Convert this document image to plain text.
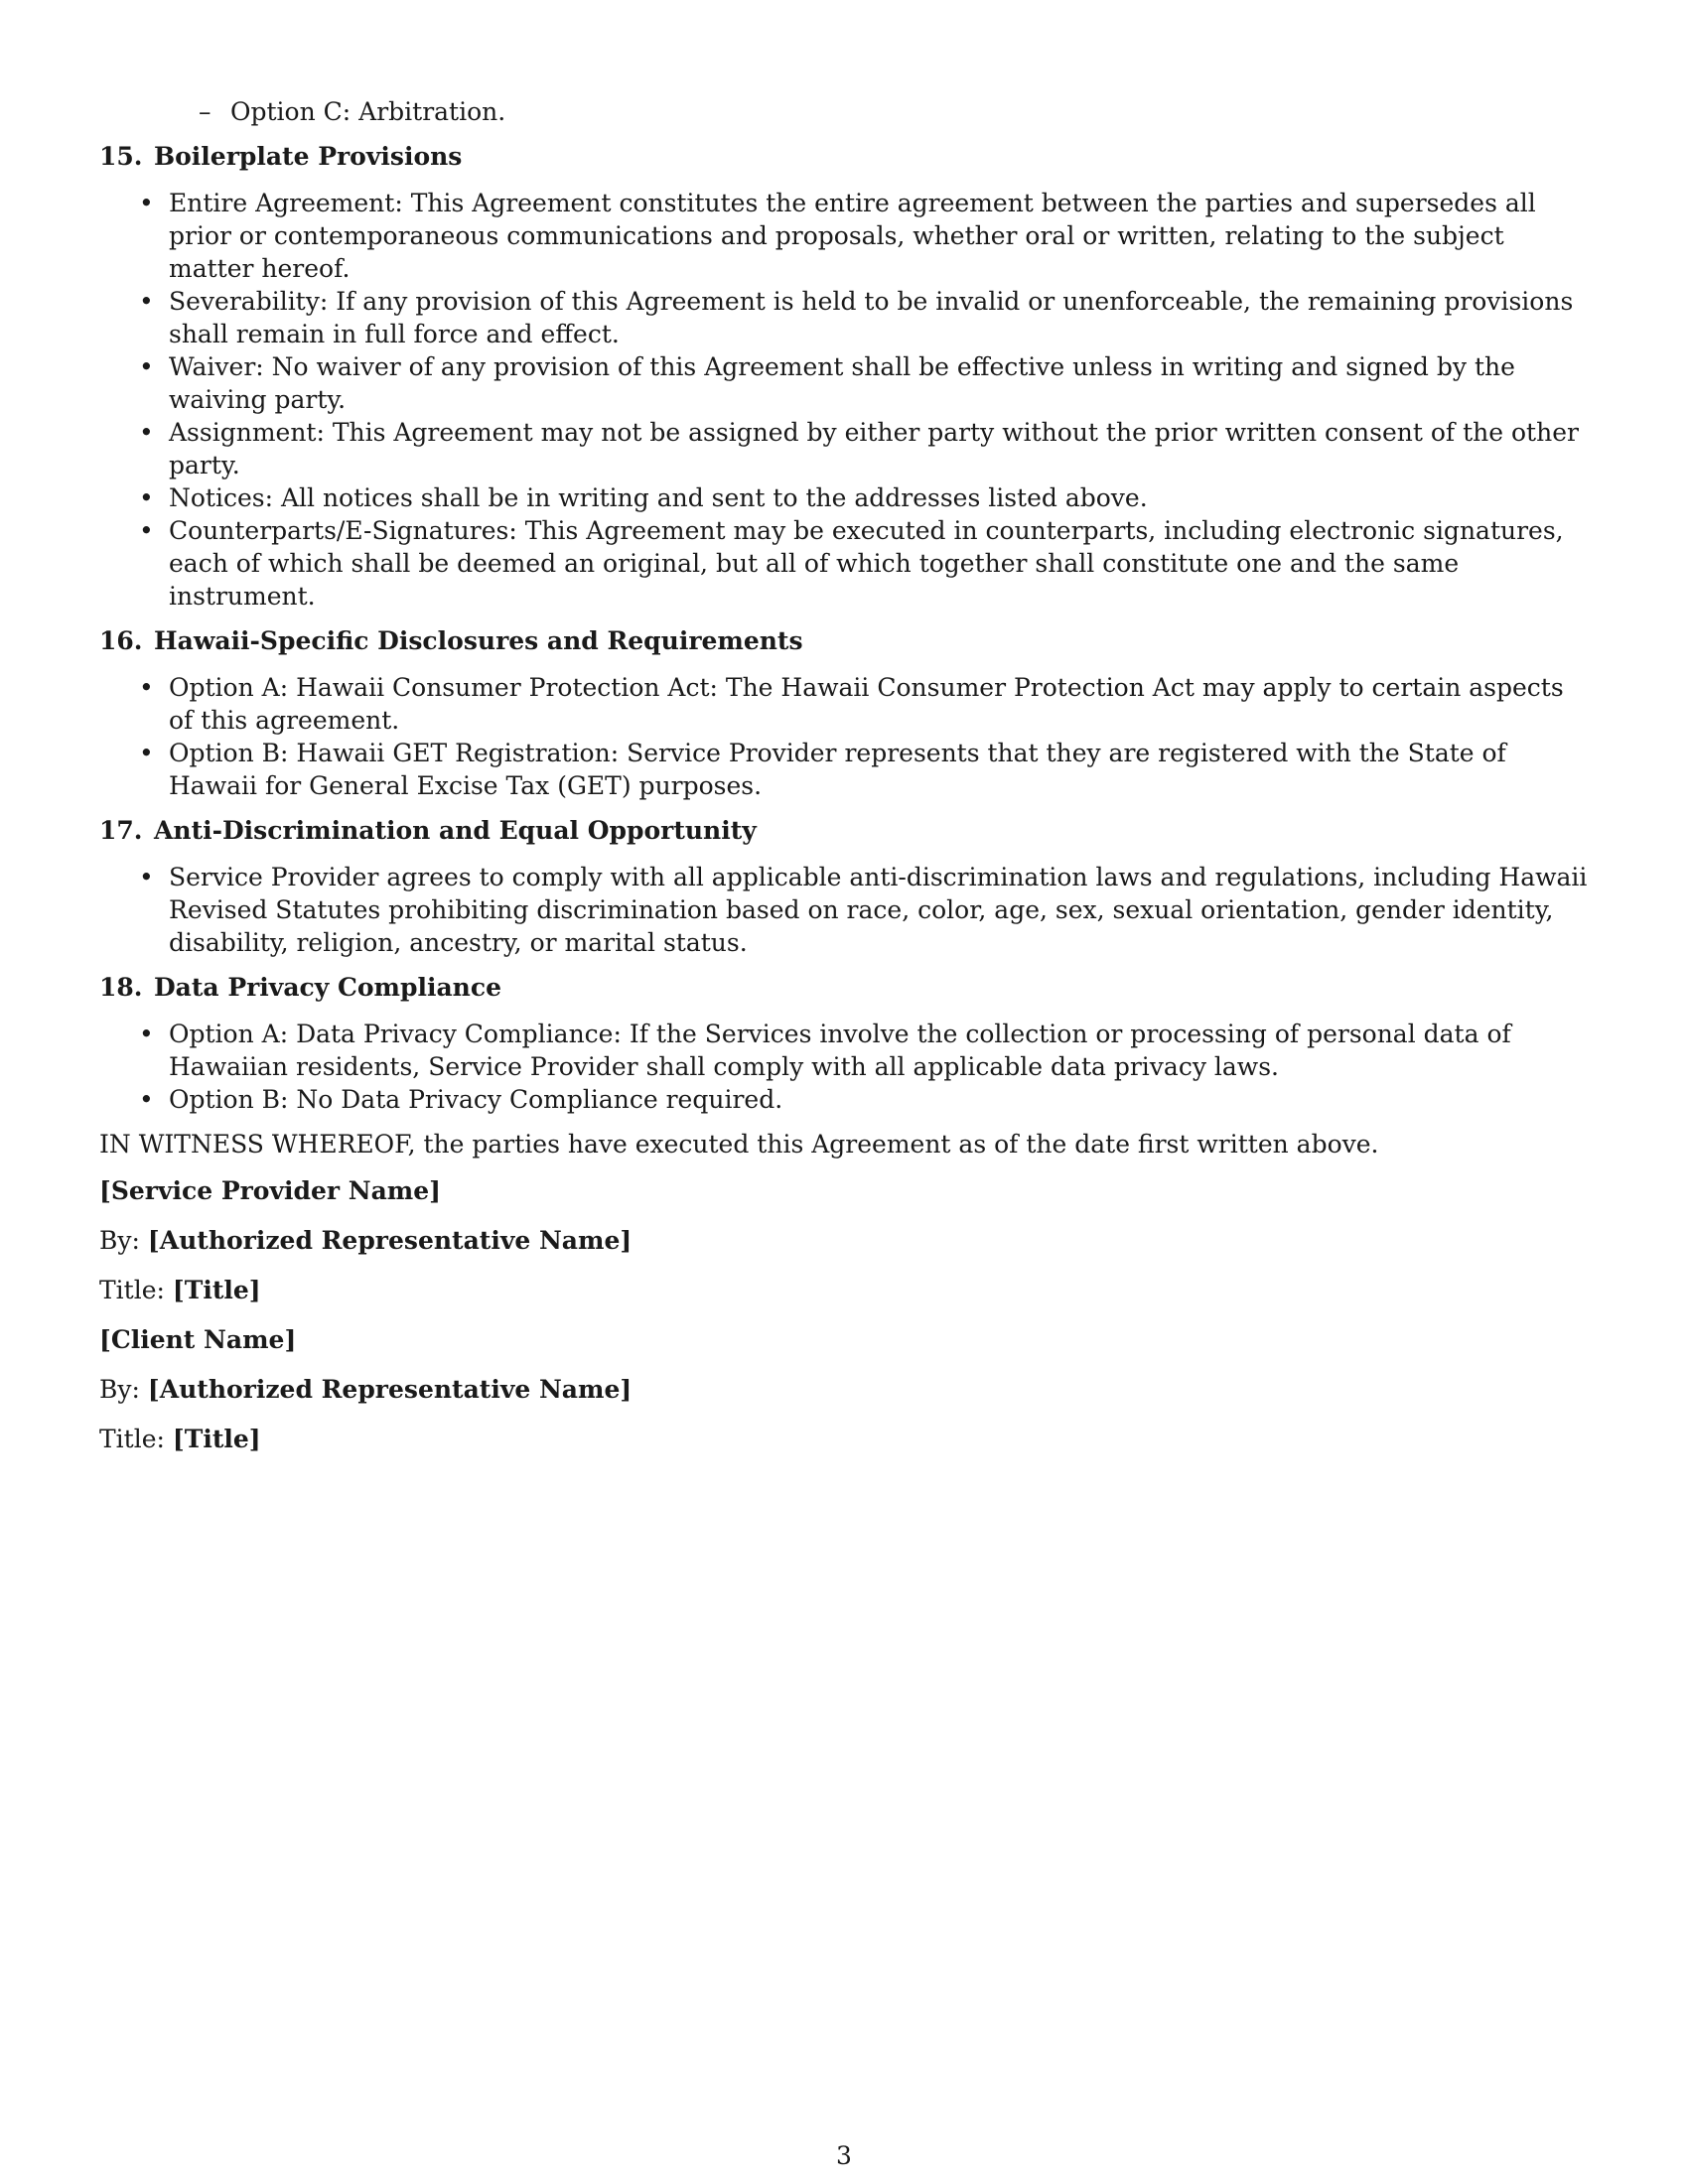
– Option C: Arbitration.
15. Boilerplate Provisions
• Entire Agreement: This Agreement constitutes the entire agreement between the parties and supersedes all prior or contemporaneous communications and proposals, whether oral or written, relating to the subject matter hereof.
• Severability: If any provision of this Agreement is held to be invalid or unenforceable, the remaining provisions shall remain in full force and effect.
• Waiver: No waiver of any provision of this Agreement shall be effective unless in writing and signed by the waiving party.
• Assignment: This Agreement may not be assigned by either party without the prior written consent of the other party.
• Notices: All notices shall be in writing and sent to the addresses listed above.
• Counterparts/E-Signatures: This Agreement may be executed in counterparts, including electronic signatures, each of which shall be deemed an original, but all of which together shall constitute one and the same instrument.
16. Hawaii-Specific Disclosures and Requirements
• Option A: Hawaii Consumer Protection Act: The Hawaii Consumer Protection Act may apply to certain aspects of this agreement.
• Option B: Hawaii GET Registration: Service Provider represents that they are registered with the State of Hawaii for General Excise Tax (GET) purposes.
17. Anti-Discrimination and Equal Opportunity
• Service Provider agrees to comply with all applicable anti-discrimination laws and regulations, including Hawaii Revised Statutes prohibiting discrimination based on race, color, age, sex, sexual orientation, gender identity, disability, religion, ancestry, or marital status.
18. Data Privacy Compliance
• Option A: Data Privacy Compliance: If the Services involve the collection or processing of personal data of Hawaiian residents, Service Provider shall comply with all applicable data privacy laws.
• Option B: No Data Privacy Compliance required.
IN WITNESS WHEREOF, the parties have executed this Agreement as of the date first written above.
[Service Provider Name]
By: [Authorized Representative Name]
Title: [Title]
[Client Name]
By: [Authorized Representative Name]
Title: [Title]
3
